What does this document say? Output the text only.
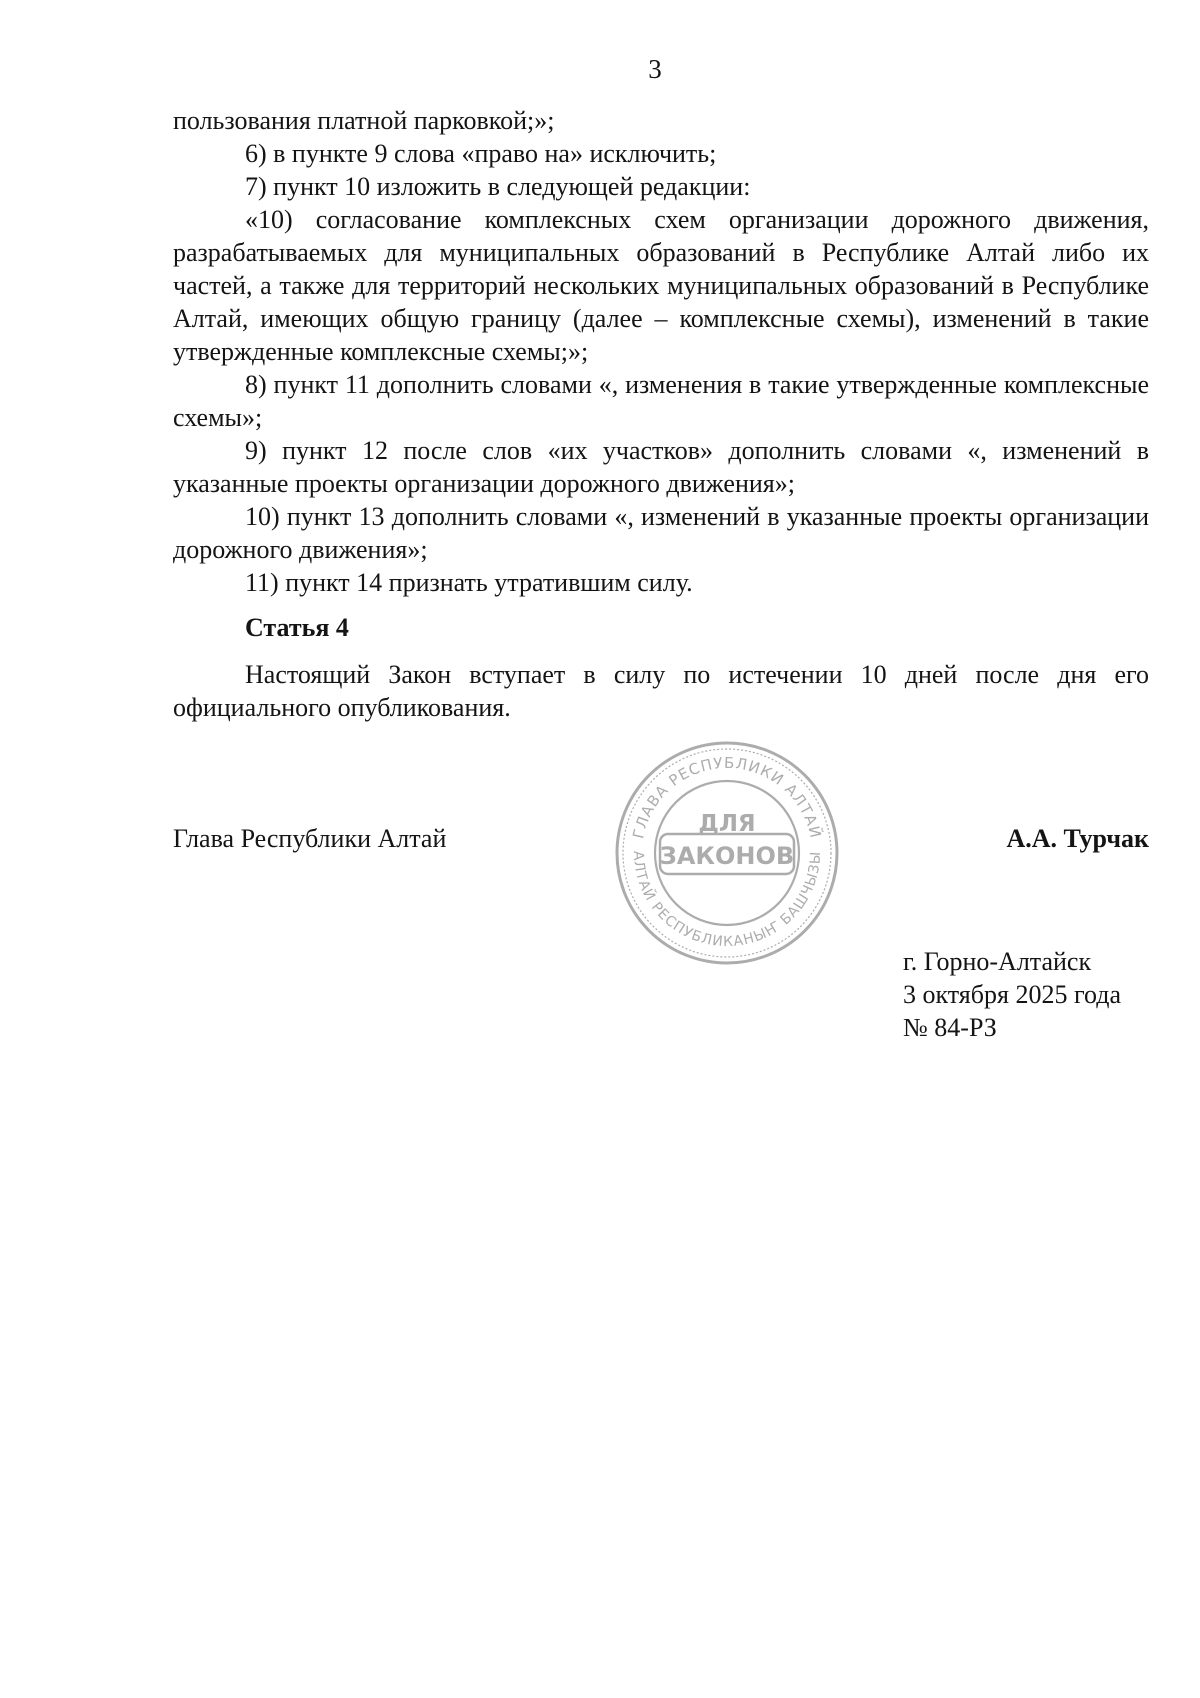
3

пользования платной парковкой;»;

6) в пункте 9 слова «право на» исключить;

7) пункт 10 изложить в следующей редакции:

«10) согласование комплексных схем организации дорожного движения, разрабатываемых для муниципальных образований в Республике Алтай либо их частей, а также для территорий нескольких муниципальных образований в Республике Алтай, имеющих общую границу (далее – комплексные схемы), изменений в такие утвержденные комплексные схемы;»;

8) пункт 11 дополнить словами «, изменения в такие утвержденные комплексные схемы»;

9) пункт 12 после слов «их участков» дополнить словами «, изменений в указанные проекты организации дорожного движения»;

10) пункт 13 дополнить словами «, изменений в указанные проекты организации дорожного движения»;

11) пункт 14 признать утратившим силу.

Статья 4

Настоящий Закон вступает в силу по истечении 10 дней после дня его официального опубликования.

Глава Республики Алтай	А.А. Турчак
ГЛАВА РЕСПУБЛИКИ АЛТАЙ
АЛТАЙ РЕСПУБЛИКАНЫҤ БАШЧЫЗЫ
ДЛЯ
ЗАКОНОВ
г. Горно-Алтайск
3 октября 2025 года
№ 84-РЗ
